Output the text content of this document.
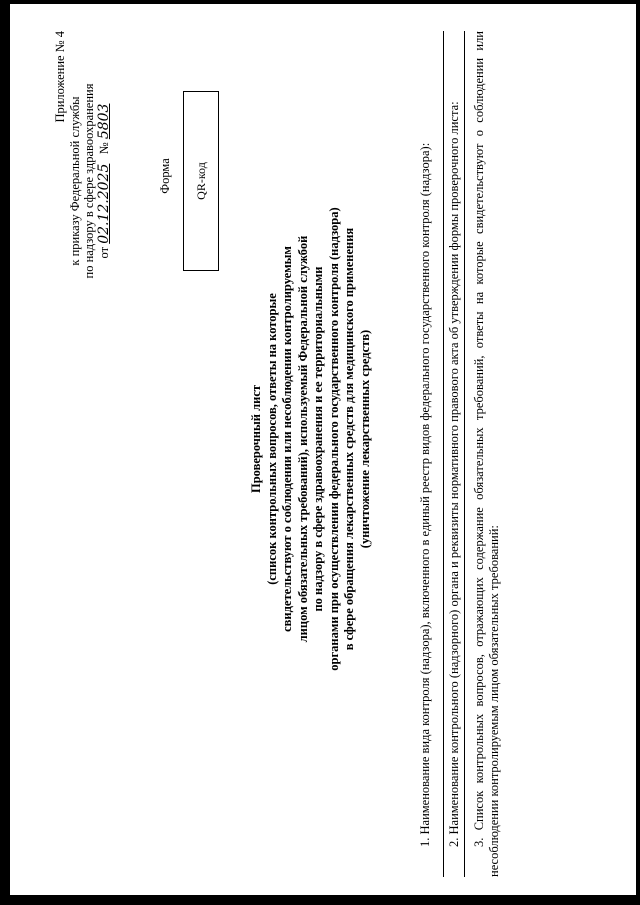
Приложение № 4
к приказу Федеральной службы по надзору в сфере здравоохранения от 02.12.2025   № 5803
Форма QR-код
Проверочный лист (список контрольных вопросов, ответы на которые свидетельствуют о соблюдении или несоблюдении контролируемым лицом обязательных требований), используемый Федеральной службой по надзору в сфере здравоохранения и ее территориальными органами при осуществлении федерального государственного контроля (надзора) в сфере обращения лекарственных средств для медицинского применения (уничтожение лекарственных средств)	1. Наименование вида контроля (надзора), включенного в единый реестр видов федерального государственного контроля (надзора): 2. Наименование контрольного (надзорного) органа и реквизиты нормативного правового акта об утверждении формы проверочного листа: 3. Список контрольных вопросов, отражающих содержание обязательных требований, ответы на которые свидетельствуют о соблюдении или несоблюдении контролируемым лицом обязательных требований:
